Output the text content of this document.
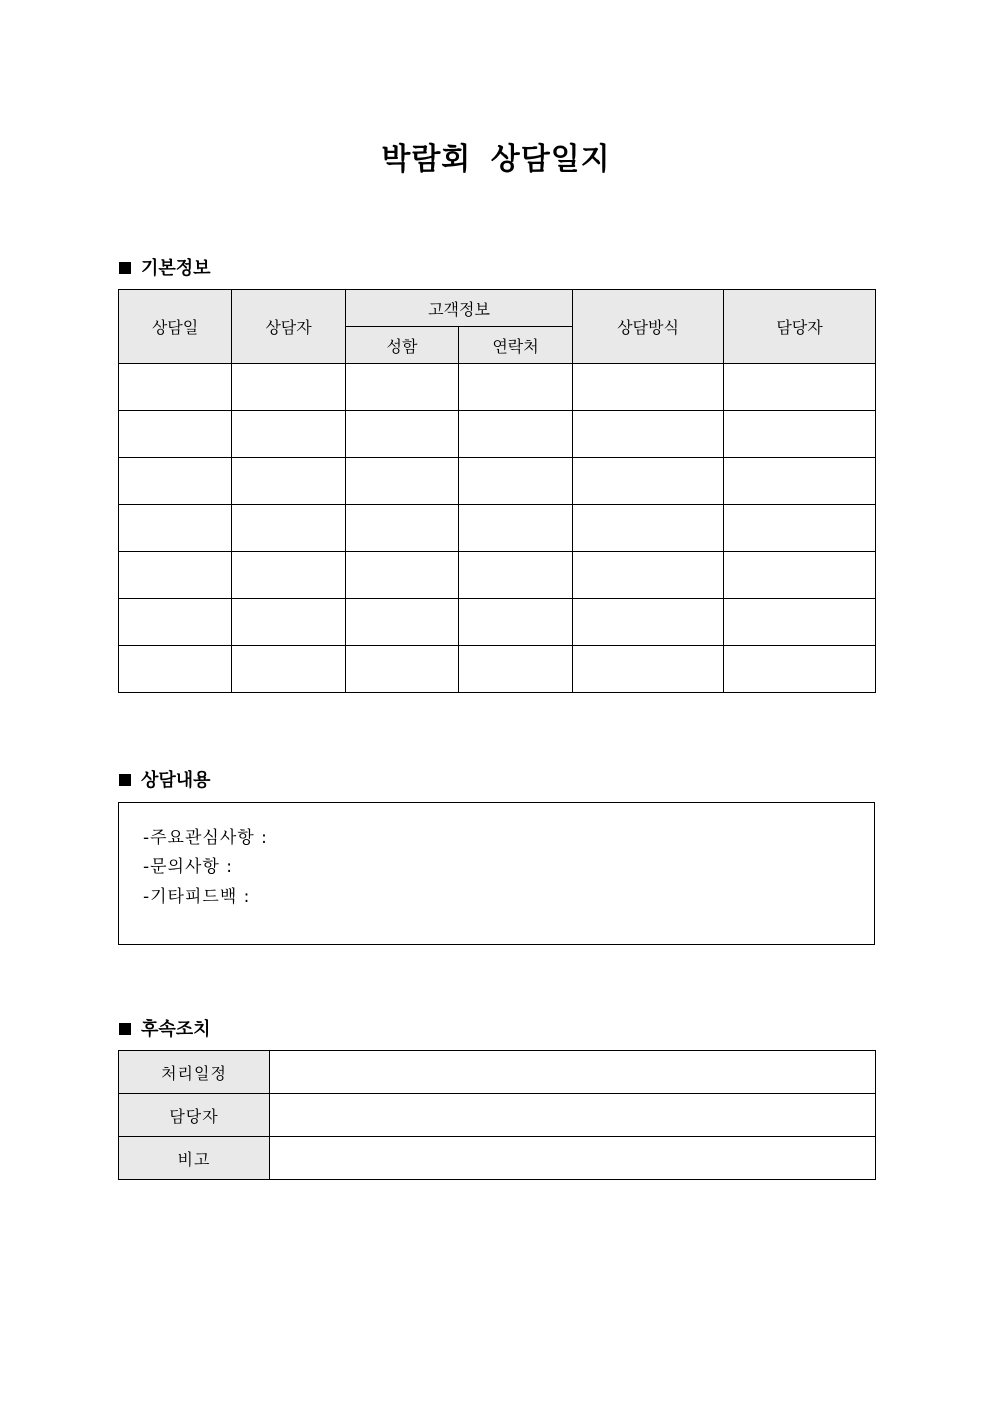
박람회 상담일지
기본정보
상담일	상담자	고객정보		상담방식	담당자
		성함	연락처		

상담내용
-주요관심사항 :
-문의사항 :
-기타피드백 :
후속조치
처리일정	
담당자	
비고	
